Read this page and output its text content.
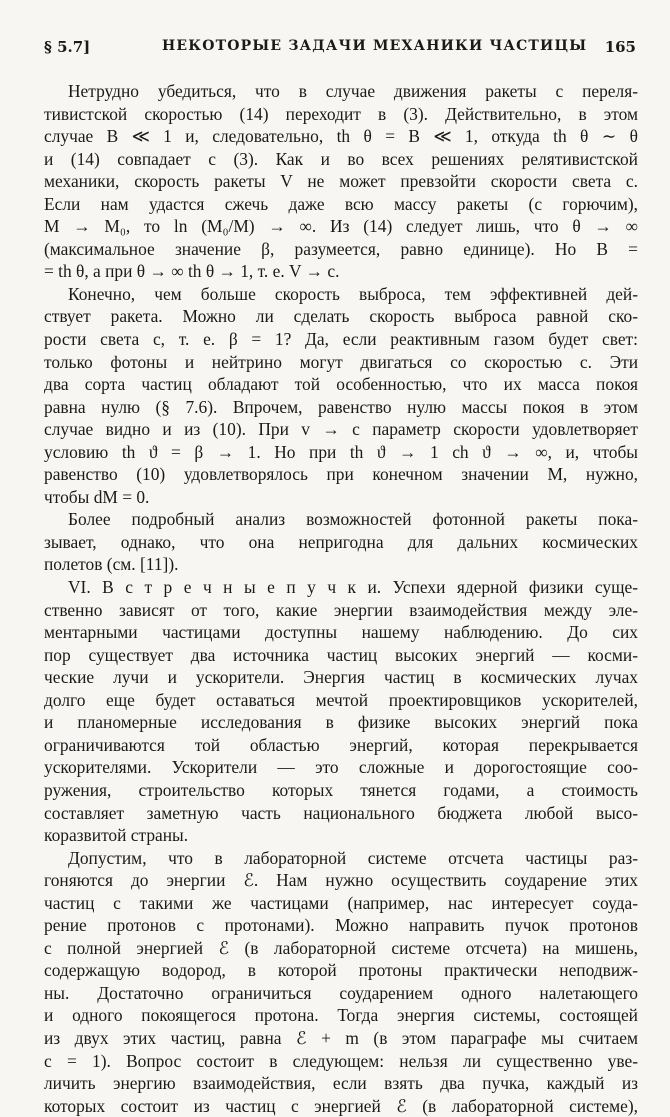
§ 5.7]	НЕКОТОРЫЕ ЗАДАЧИ МЕХАНИКИ ЧАСТИЦЫ 165
Нетрудно убедиться, что в случае движения ракеты с переля-
тивистской скоростью (14) переходит в (3). Действительно, в этом
случае B ≪ 1 и, следовательно, th θ = B ≪ 1, откуда th θ ∼ θ
и (14) совпадает с (3). Как и во всех решениях релятивистской
механики, скорость ракеты V не может превзойти скорости света c.
Если нам удастся сжечь даже всю массу ракеты (с горючим),
M → M₀, то ln (M₀/M) → ∞. Из (14) следует лишь, что θ → ∞
(максимальное значение β, разумеется, равно единице). Но B =
= th θ, а при θ → ∞ th θ → 1, т. е. V → c.
Конечно, чем больше скорость выброса, тем эффективней дей-
ствует ракета. Можно ли сделать скорость выброса равной ско-
рости света c, т. е. β = 1? Да, если реактивным газом будет свет:
только фотоны и нейтрино могут двигаться со скоростью c. Эти
два сорта частиц обладают той особенностью, что их масса покоя
равна нулю (§ 7.6). Впрочем, равенство нулю массы покоя в этом
случае видно и из (10). При v → c параметр скорости удовлетворяет
условию th ϑ = β → 1. Но при th ϑ → 1 ch ϑ → ∞, и, чтобы
равенство (10) удовлетворялось при конечном значении M, нужно,
чтобы dM = 0.
Более подробный анализ возможностей фотонной ракеты пока-
зывает, однако, что она непригодна для дальних космических
полетов (см. [11]).
VI. В с т р е ч н ы е п у ч к и. Успехи ядерной физики суще-
ственно зависят от того, какие энергии взаимодействия между эле-
ментарными частицами доступны нашему наблюдению. До сих
пор существует два источника частиц высоких энергий — косми-
ческие лучи и ускорители. Энергия частиц в космических лучах
долго еще будет оставаться мечтой проектировщиков ускорителей,
и планомерные исследования в физике высоких энергий пока
ограничиваются той областью энергий, которая перекрывается
ускорителями. Ускорители — это сложные и дорогостоящие соо-
ружения, строительство которых тянется годами, а стоимость
составляет заметную часть национального бюджета любой высо-
коразвитой страны.
Допустим, что в лабораторной системе отсчета частицы раз-
гоняются до энергии ℰ. Нам нужно осуществить соударение этих
частиц с такими же частицами (например, нас интересует соуда-
рение протонов с протонами). Можно направить пучок протонов
с полной энергией ℰ (в лабораторной системе отсчета) на мишень,
содержащую водород, в которой протоны практически неподвиж-
ны. Достаточно ограничиться соударением одного налетающего
и одного покоящегося протона. Тогда энергия системы, состоящей
из двух этих частиц, равна ℰ + m (в этом параграфе мы считаем
c = 1). Вопрос состоит в следующем: нельзя ли существенно уве-
личить энергию взаимодействия, если взять два пучка, каждый из
которых состоит из частиц с энергией ℰ (в лабораторной системе),
